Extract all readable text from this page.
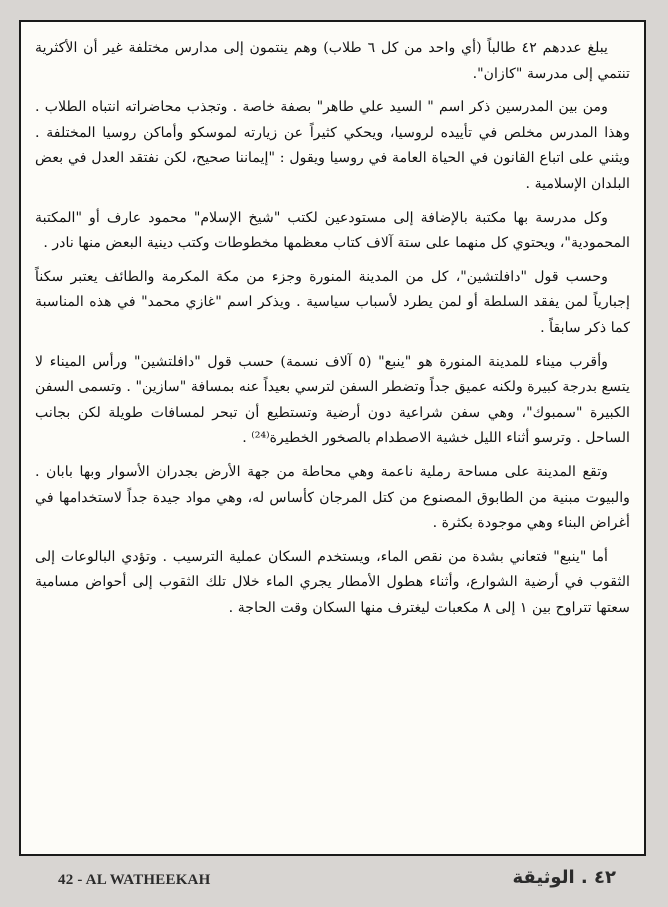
يبلغ عددهم ٤٢ طالباً (أي واحد من كل ٦ طلاب) وهم ينتمون إلى مدارس مختلفة غير أن الأكثرية تنتمي إلى مدرسة "كازان".

ومن بين المدرسين ذكر اسم " السيد علي طاهر" بصفة خاصة . وتجذب محاضراته انتباه الطلاب . وهذا المدرس مخلص في تأييده لروسيا، ويحكي كثيراً عن زيارته لموسكو وأماكن روسيا المختلفة . ويثني على اتباع القانون في الحياة العامة في روسيا ويقول : "إيماننا صحيح، لكن نفتقد العدل في بعض البلدان الإسلامية .

وكل مدرسة بها مكتبة بالإضافة إلى مستودعين لكتب "شيخ الإسلام" محمود عارف أو "المكتبة المحمودية"، ويحتوي كل منهما على ستة آلاف كتاب معظمها مخطوطات وكتب دينية البعض منها نادر .

وحسب قول "دافلتشين"، كل من المدينة المنورة وجزء من مكة المكرمة والطائف يعتبر سكناً إجبارياً لمن يفقد السلطة أو لمن يطرد لأسباب سياسية . ويذكر اسم "غازي محمد" في هذه المناسبة كما ذكر سابقاً .

وأقرب ميناء للمدينة المنورة هو "ينبع" (٥ آلاف نسمة) حسب قول "دافلتشين" ورأس الميناء لا يتسع بدرجة كبيرة ولكنه عميق جداً وتضطر السفن لترسي بعيداً عنه بمسافة "سازين" . وتسمى السفن الكبيرة "سمبوك"، وهي سفن شراعية دون أرضية وتستطيع أن تبحر لمسافات طويلة لكن بجانب الساحل . وترسو أثناء الليل خشية الاصطدام بالصخور الخطيرة⁽²⁴⁾ .

وتقع المدينة على مساحة رملية ناعمة وهي محاطة من جهة الأرض بجدران الأسوار وبها بابان . والبيوت مبنية من الطابوق المصنوع من كتل المرجان كأساس له، وهي مواد جيدة جداً لاستخدامها في أغراض البناء وهي موجودة بكثرة .

أما "ينبع" فتعاني بشدة من نقص الماء، ويستخدم السكان عملية الترسيب . وتؤدي البالوعات إلى الثقوب في أرضية الشوارع، وأثناء هطول الأمطار يجري الماء خلال تلك الثقوب إلى أحواض مسامية سعتها تتراوح بين ١ إلى ٨ مكعبات ليغترف منها السكان وقت الحاجة .

42 - AL WATHEEKAH	٤٢ . الوثيقة
